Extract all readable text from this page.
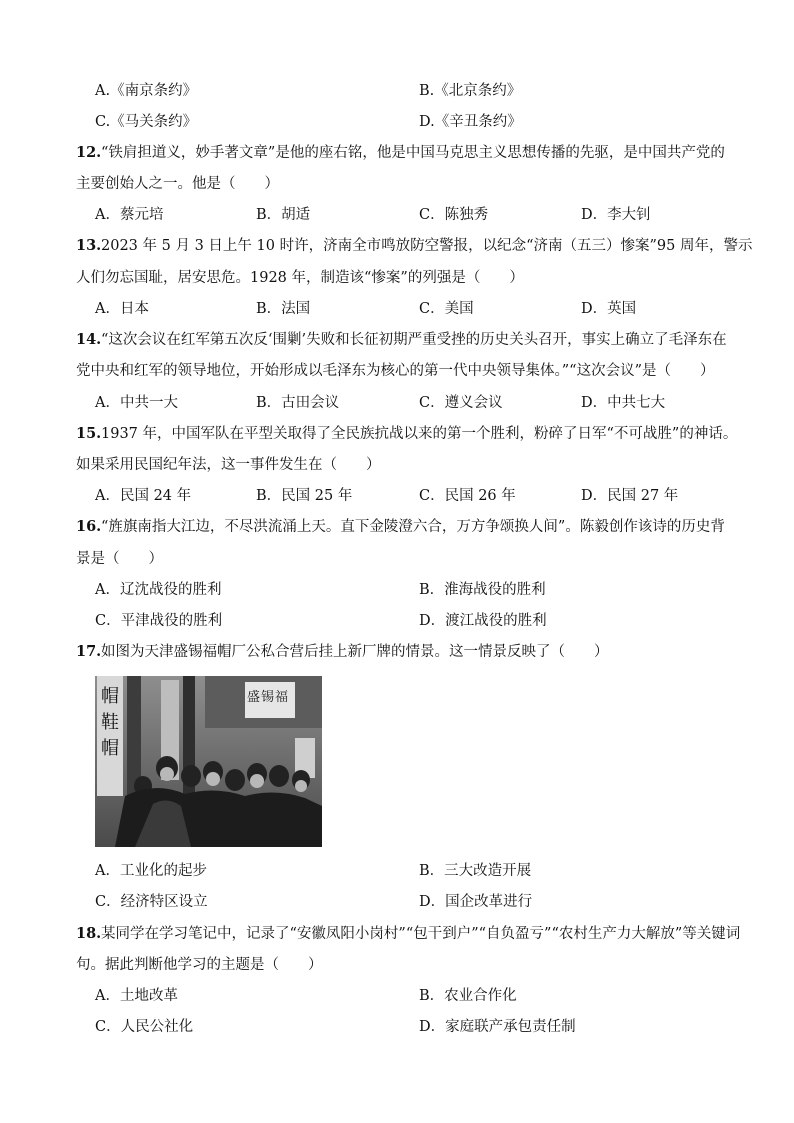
A.《南京条约》	B.《北京条约》
C.《马关条约》	D.《辛丑条约》
12. “铁肩担道义，妙手著文章”是他的座右铭，他是中国马克思主义思想传播的先驱，是中国共产党的
主要创始人之一。他是（　　）
A．蔡元培	B．胡适	C．陈独秀	D．李大钊
13. 2023 年 5 月 3 日上午 10 时许，济南全市鸣放防空警报，以纪念“济南（五三）惨案”95 周年，警示
人们勿忘国耻，居安思危。1928 年，制造该“惨案”的列强是（　　）
A．日本	B．法国	C．美国	D．英国
14. “这次会议在红军第五次反‘围剿’失败和长征初期严重受挫的历史关头召开，事实上确立了毛泽东在
党中央和红军的领导地位，开始形成以毛泽东为核心的第一代中央领导集体。”“这次会议”是（　　）
A．中共一大	B．古田会议	C．遵义会议	D．中共七大
15. 1937 年，中国军队在平型关取得了全民族抗战以来的第一个胜利，粉碎了日军“不可战胜”的神话。
如果采用民国纪年法，这一事件发生在（　　）
A．民国 24 年	B．民国 25 年	C．民国 26 年	D．民国 27 年
16. “旌旗南指大江边，不尽洪流涌上天。直下金陵澄六合，万方争颂换人间”。陈毅创作该诗的历史背
景是（　　）
A．辽沈战役的胜利	B．淮海战役的胜利
C．平津战役的胜利	D．渡江战役的胜利
17. 如图为天津盛锡福帽厂公私合营后挂上新厂牌的情景。这一情景反映了（　　）
帽鞋帽
盛锡福
A．工业化的起步	B．三大改造开展
C．经济特区设立	D．国企改革进行
18. 某同学在学习笔记中，记录了“安徽凤阳小岗村”“包干到户”“自负盈亏”“农村生产力大解放”等关键词
句。据此判断他学习的主题是（　　）
A．土地改革	B．农业合作化
C．人民公社化	D．家庭联产承包责任制
